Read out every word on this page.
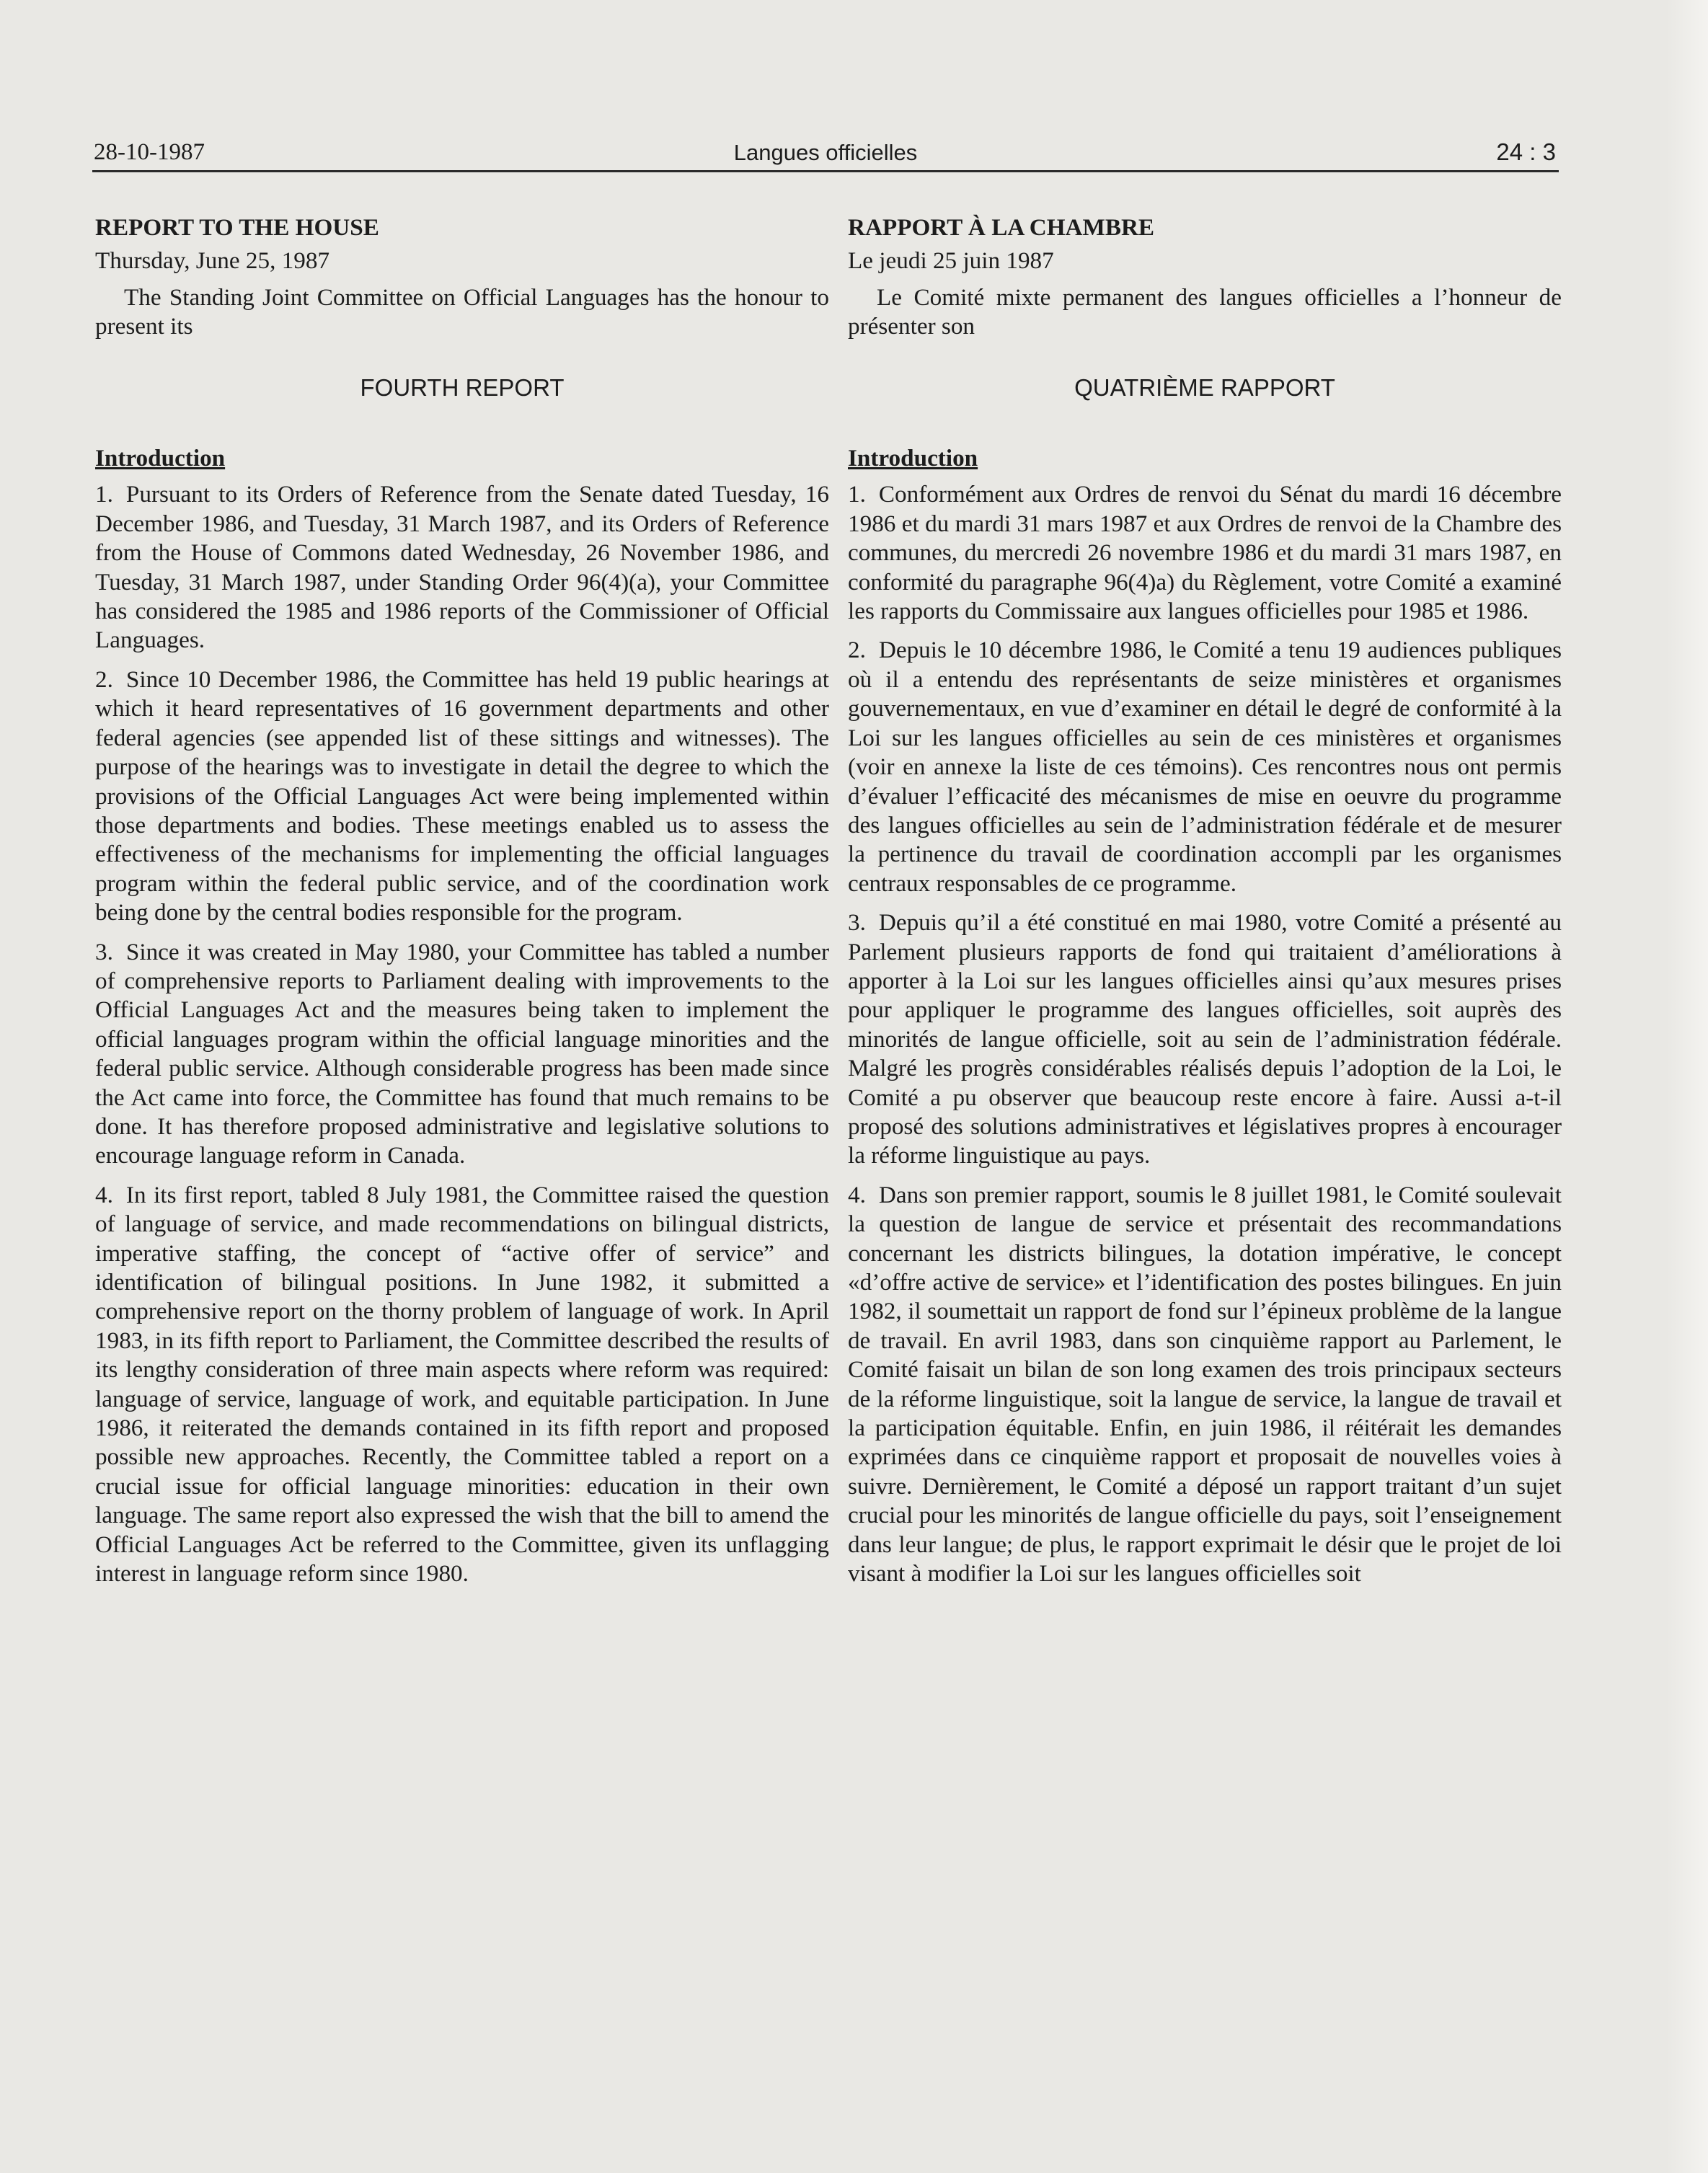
28-10-1987	Langues officielles	24 : 3

REPORT TO THE HOUSE

Thursday, June 25, 1987

The Standing Joint Committee on Official Languages has the honour to present its

FOURTH REPORT

Introduction

1. Pursuant to its Orders of Reference from the Senate dated Tuesday, 16 December 1986, and Tuesday, 31 March 1987, and its Orders of Reference from the House of Commons dated Wednesday, 26 November 1986, and Tuesday, 31 March 1987, under Standing Order 96(4)(a), your Committee has considered the 1985 and 1986 reports of the Commissioner of Official Languages.

2. Since 10 December 1986, the Committee has held 19 public hearings at which it heard representatives of 16 government departments and other federal agencies (see appended list of these sittings and witnesses). The purpose of the hearings was to investigate in detail the degree to which the provisions of the Official Languages Act were being implemented within those departments and bodies. These meetings enabled us to assess the effectiveness of the mechanisms for implementing the official languages program within the federal public service, and of the coordination work being done by the central bodies responsible for the program.

3. Since it was created in May 1980, your Committee has tabled a number of comprehensive reports to Parliament dealing with improvements to the Official Languages Act and the measures being taken to implement the official languages program within the official language minorities and the federal public service. Although considerable progress has been made since the Act came into force, the Committee has found that much remains to be done. It has therefore proposed administrative and legislative solutions to encourage language reform in Canada.

4. In its first report, tabled 8 July 1981, the Committee raised the question of language of service, and made recommendations on bilingual districts, imperative staffing, the concept of “active offer of service” and identification of bilingual positions. In June 1982, it submitted a comprehensive report on the thorny problem of language of work. In April 1983, in its fifth report to Parliament, the Committee described the results of its lengthy consideration of three main aspects where reform was required: language of service, language of work, and equitable participation. In June 1986, it reiterated the demands contained in its fifth report and proposed possible new approaches. Recently, the Committee tabled a report on a crucial issue for official language minorities: education in their own language. The same report also expressed the wish that the bill to amend the Official Languages Act be referred to the Committee, given its unflagging interest in language reform since 1980.

RAPPORT À LA CHAMBRE

Le jeudi 25 juin 1987

Le Comité mixte permanent des langues officielles a l’honneur de présenter son

QUATRIÈME RAPPORT

Introduction

1. Conformément aux Ordres de renvoi du Sénat du mardi 16 décembre 1986 et du mardi 31 mars 1987 et aux Ordres de renvoi de la Chambre des communes, du mercredi 26 novembre 1986 et du mardi 31 mars 1987, en conformité du paragraphe 96(4)a) du Règlement, votre Comité a examiné les rapports du Commissaire aux langues officielles pour 1985 et 1986.

2. Depuis le 10 décembre 1986, le Comité a tenu 19 audiences publiques où il a entendu des représentants de seize ministères et organismes gouvernementaux, en vue d’examiner en détail le degré de conformité à la Loi sur les langues officielles au sein de ces ministères et organismes (voir en annexe la liste de ces témoins). Ces rencontres nous ont permis d’évaluer l’efficacité des mécanismes de mise en oeuvre du programme des langues officielles au sein de l’administration fédérale et de mesurer la pertinence du travail de coordination accompli par les organismes centraux responsables de ce programme.

3. Depuis qu’il a été constitué en mai 1980, votre Comité a présenté au Parlement plusieurs rapports de fond qui traitaient d’améliorations à apporter à la Loi sur les langues officielles ainsi qu’aux mesures prises pour appliquer le programme des langues officielles, soit auprès des minorités de langue officielle, soit au sein de l’administration fédérale. Malgré les progrès considérables réalisés depuis l’adoption de la Loi, le Comité a pu observer que beaucoup reste encore à faire. Aussi a-t-il proposé des solutions administratives et législatives propres à encourager la réforme linguistique au pays.

4. Dans son premier rapport, soumis le 8 juillet 1981, le Comité soulevait la question de langue de service et présentait des recommandations concernant les districts bilingues, la dotation impérative, le concept «d’offre active de service» et l’identification des postes bilingues. En juin 1982, il soumettait un rapport de fond sur l’épineux problème de la langue de travail. En avril 1983, dans son cinquième rapport au Parlement, le Comité faisait un bilan de son long examen des trois principaux secteurs de la réforme linguistique, soit la langue de service, la langue de travail et la participation équitable. Enfin, en juin 1986, il réitérait les demandes exprimées dans ce cinquième rapport et proposait de nouvelles voies à suivre. Dernièrement, le Comité a déposé un rapport traitant d’un sujet crucial pour les minorités de langue officielle du pays, soit l’enseignement dans leur langue; de plus, le rapport exprimait le désir que le projet de loi visant à modifier la Loi sur les langues officielles soit
